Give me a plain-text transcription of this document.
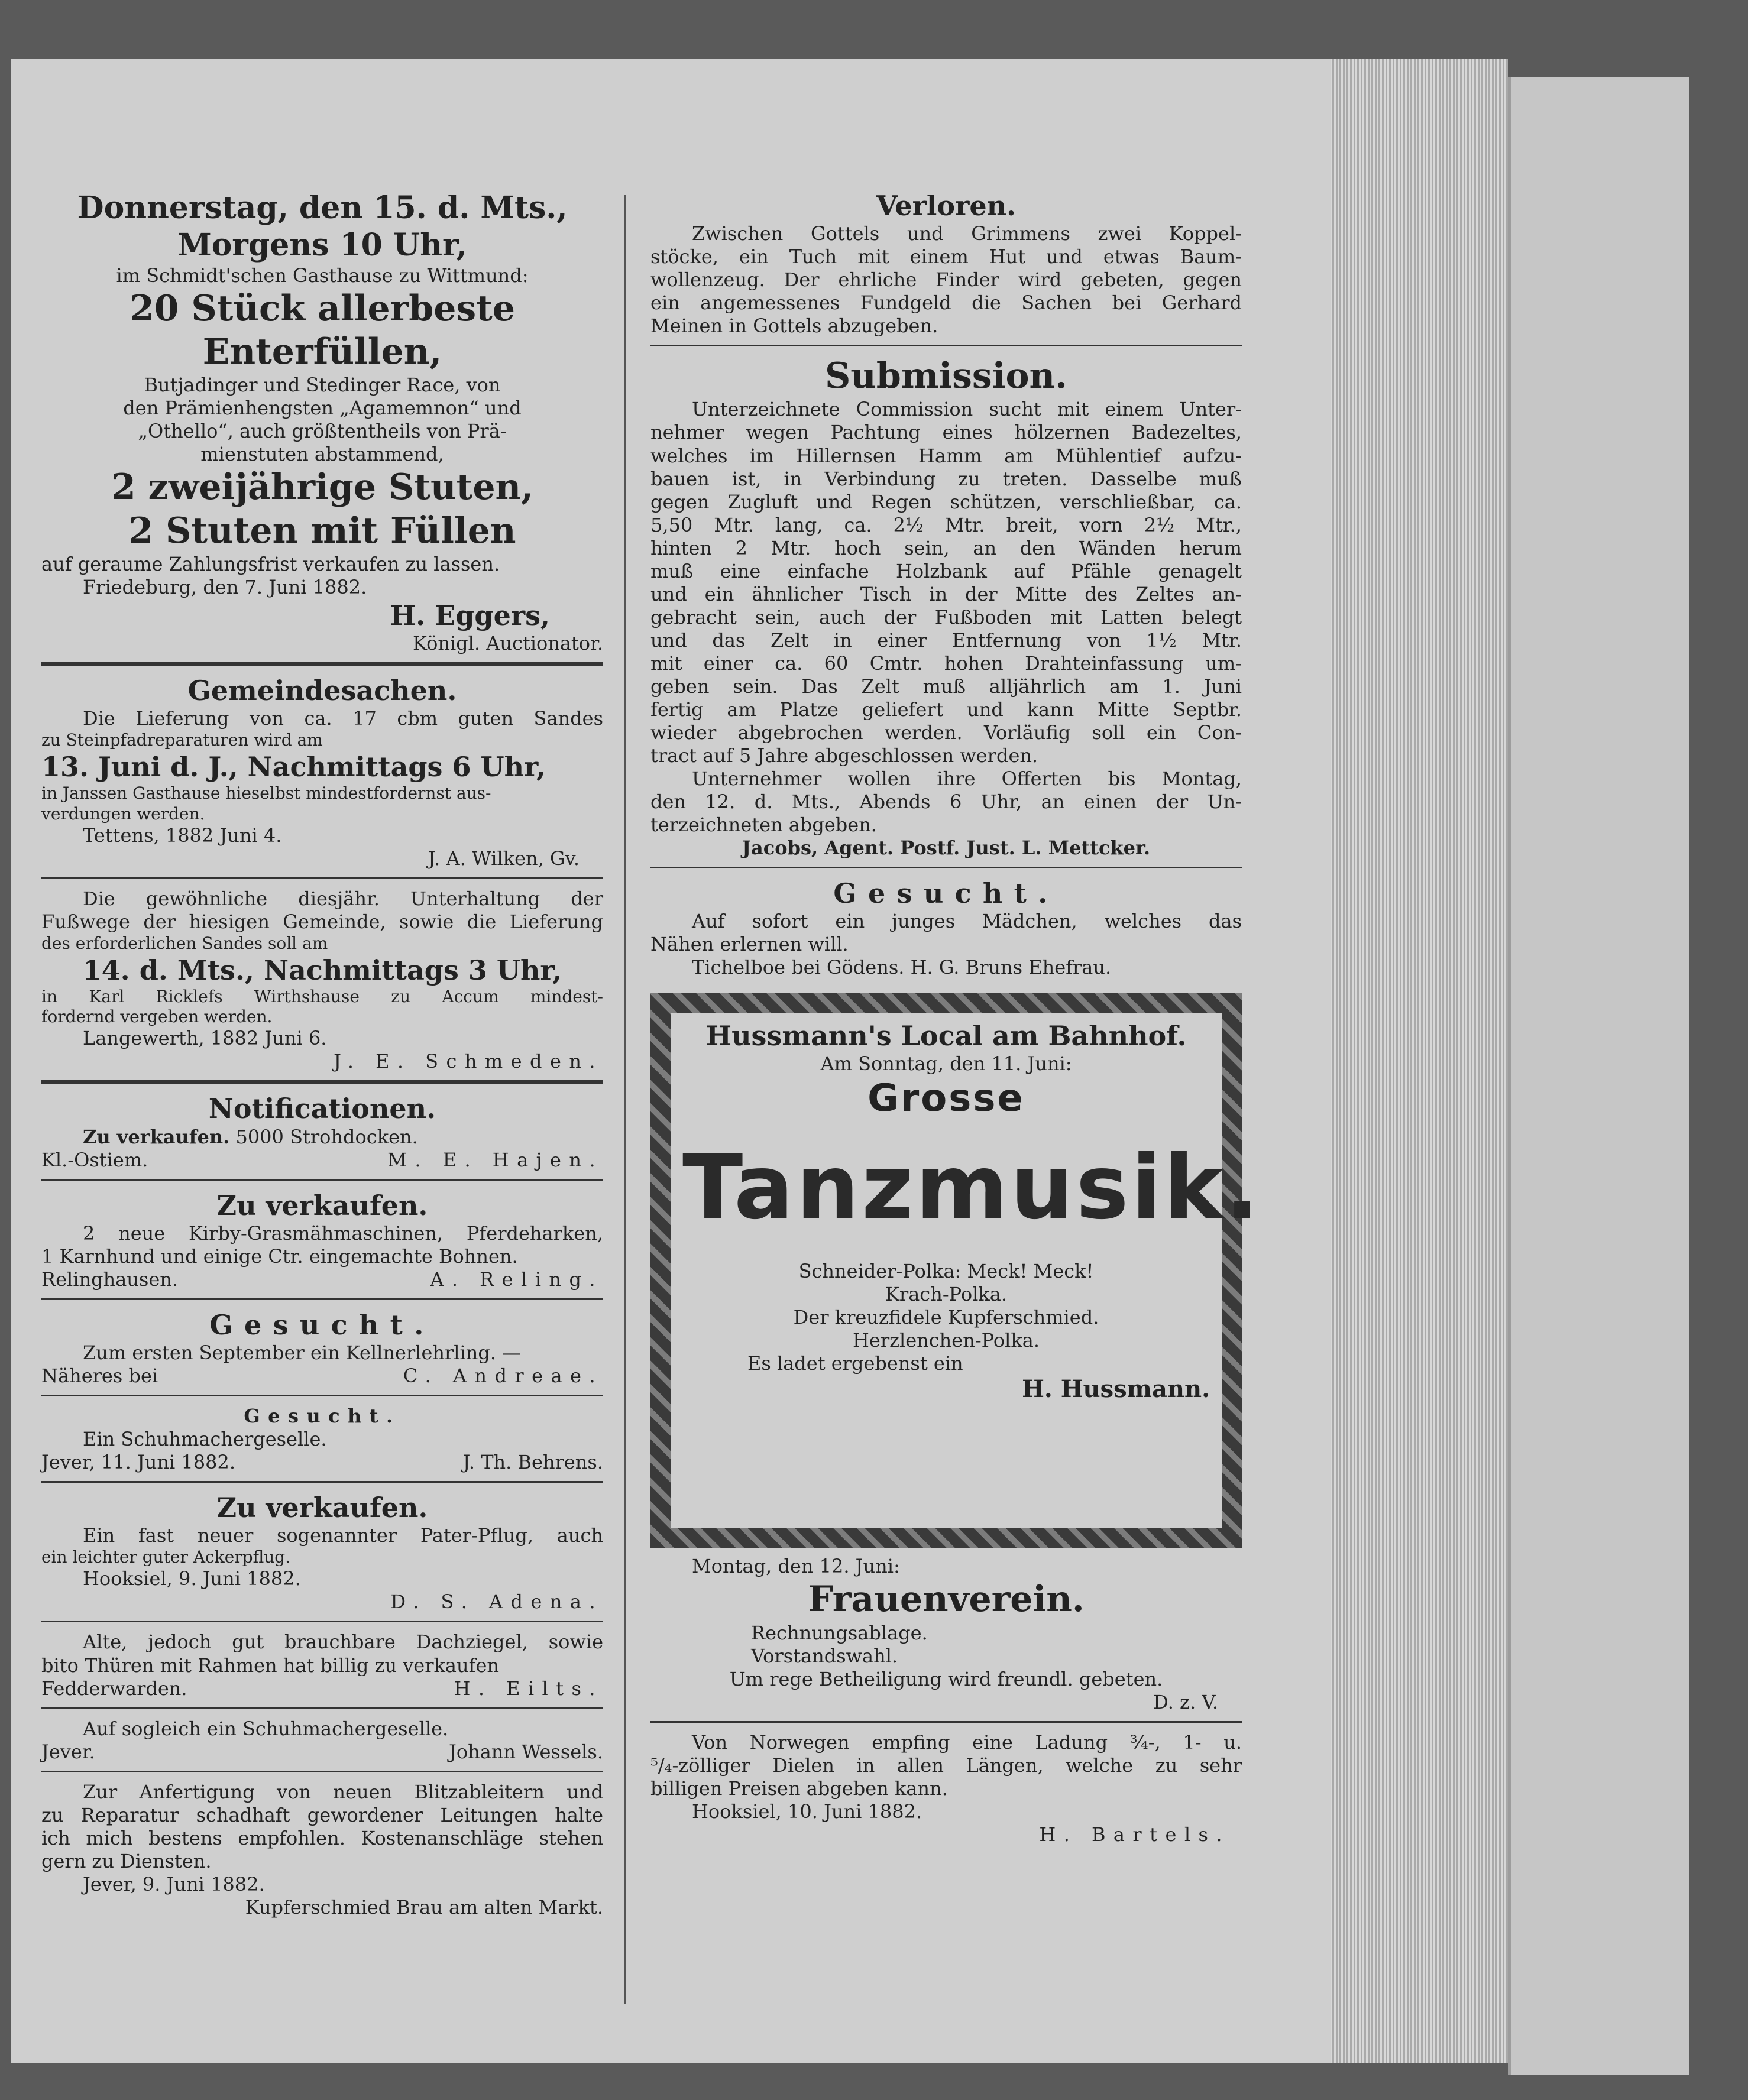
Donnerstag, den 15. d. Mts.,

Morgens 10 Uhr,

im Schmidt'schen Gasthause zu Wittmund:

20 Stück allerbeste Enterfüllen,

Butjadinger und Stedinger Race, von

den Prämienhengsten „Agamemnon“ und

„Othello“, auch größtentheils von Prä-

mienstuten abstammend,

2 zweijährige Stuten,

2 Stuten mit Füllen

auf geraume Zahlungsfrist verkaufen zu lassen.

Friedeburg, den 7. Juni 1882.

H. Eggers,

Königl. Auctionator.

Gemeindesachen.

Die Lieferung von ca. 17 cbm guten Sandes

zu Steinpfadreparaturen wird am

13. Juni d. J., Nachmittags 6 Uhr,

in Janssen Gasthause hieselbst mindestfordernst aus-

verdungen werden.

Tettens, 1882 Juni 4.

J. A. Wilken, Gv.

Die gewöhnliche diesjähr. Unterhaltung der

Fußwege der hiesigen Gemeinde, sowie die Lieferung

des erforderlichen Sandes soll am

14. d. Mts., Nachmittags 3 Uhr,

in Karl Ricklefs Wirthshause zu Accum mindest-

fordernd vergeben werden.

Langewerth, 1882 Juni 6.

J. E. Schmeden.

Notificationen.

Zu verkaufen. 5000 Strohdocken.

Kl.-Ostiem.	M. E. Hajen.

Zu verkaufen.

2 neue Kirby-Grasmähmaschinen, Pferdeharken,

1 Karnhund und einige Ctr. eingemachte Bohnen.

Relinghausen.	A. Reling.

Gesucht.

Zum ersten September ein Kellnerlehrling. —

Näheres bei	C. Andreae.

Gesucht.

Ein Schuhmachergeselle.

Jever, 11. Juni 1882.	J. Th. Behrens.

Zu verkaufen.

Ein fast neuer sogenannter Pater-Pflug, auch

ein leichter guter Ackerpflug.

Hooksiel, 9. Juni 1882.

D. S. Adena.

Alte, jedoch gut brauchbare Dachziegel, sowie

bito Thüren mit Rahmen hat billig zu verkaufen

Fedderwarden.	H. Eilts.

Auf sogleich ein Schuhmachergeselle.

Jever.	Johann Wessels.

Zur Anfertigung von neuen Blitzableitern und

zu Reparatur schadhaft gewordener Leitungen halte

ich mich bestens empfohlen. Kostenanschläge stehen

gern zu Diensten.

Jever, 9. Juni 1882.

Kupferschmied Brau am alten Markt.

Verloren.

Zwischen Gottels und Grimmens zwei Koppel-

stöcke, ein Tuch mit einem Hut und etwas Baum-

wollenzeug. Der ehrliche Finder wird gebeten, gegen

ein angemessenes Fundgeld die Sachen bei Gerhard

Meinen in Gottels abzugeben.

Submission.

Unterzeichnete Commission sucht mit einem Unter-

nehmer wegen Pachtung eines hölzernen Badezeltes,

welches im Hillernsen Hamm am Mühlentief aufzu-

bauen ist, in Verbindung zu treten. Dasselbe muß

gegen Zugluft und Regen schützen, verschließbar, ca.

5,50 Mtr. lang, ca. 2½ Mtr. breit, vorn 2½ Mtr.,

hinten 2 Mtr. hoch sein, an den Wänden herum

muß eine einfache Holzbank auf Pfähle genagelt

und ein ähnlicher Tisch in der Mitte des Zeltes an-

gebracht sein, auch der Fußboden mit Latten belegt

und das Zelt in einer Entfernung von 1½ Mtr.

mit einer ca. 60 Cmtr. hohen Drahteinfassung um-

geben sein. Das Zelt muß alljährlich am 1. Juni

fertig am Platze geliefert und kann Mitte Septbr.

wieder abgebrochen werden. Vorläufig soll ein Con-

tract auf 5 Jahre abgeschlossen werden.

Unternehmer wollen ihre Offerten bis Montag,

den 12. d. Mts., Abends 6 Uhr, an einen der Un-

terzeichneten abgeben.

Jacobs, Agent. Postf. Just. L. Mettcker.

Gesucht.

Auf sofort ein junges Mädchen, welches das

Nähen erlernen will.

Tichelboe bei Gödens. H. G. Bruns Ehefrau.

Hussmann's Local am Bahnhof.

Am Sonntag, den 11. Juni:

Grosse

Tanzmusik.

Schneider-Polka: Meck! Meck!

Krach-Polka.

Der kreuzfidele Kupferschmied.

Herzlenchen-Polka.

Es ladet ergebenst ein

H. Hussmann.

Montag, den 12. Juni:

Frauenverein.

Rechnungsablage.

Vorstandswahl.

Um rege Betheiligung wird freundl. gebeten.

D. z. V.

Von Norwegen empfing eine Ladung ¾-, 1- u.

⁵/₄-zölliger Dielen in allen Längen, welche zu sehr

billigen Preisen abgeben kann.

Hooksiel, 10. Juni 1882.

H. Bartels.
